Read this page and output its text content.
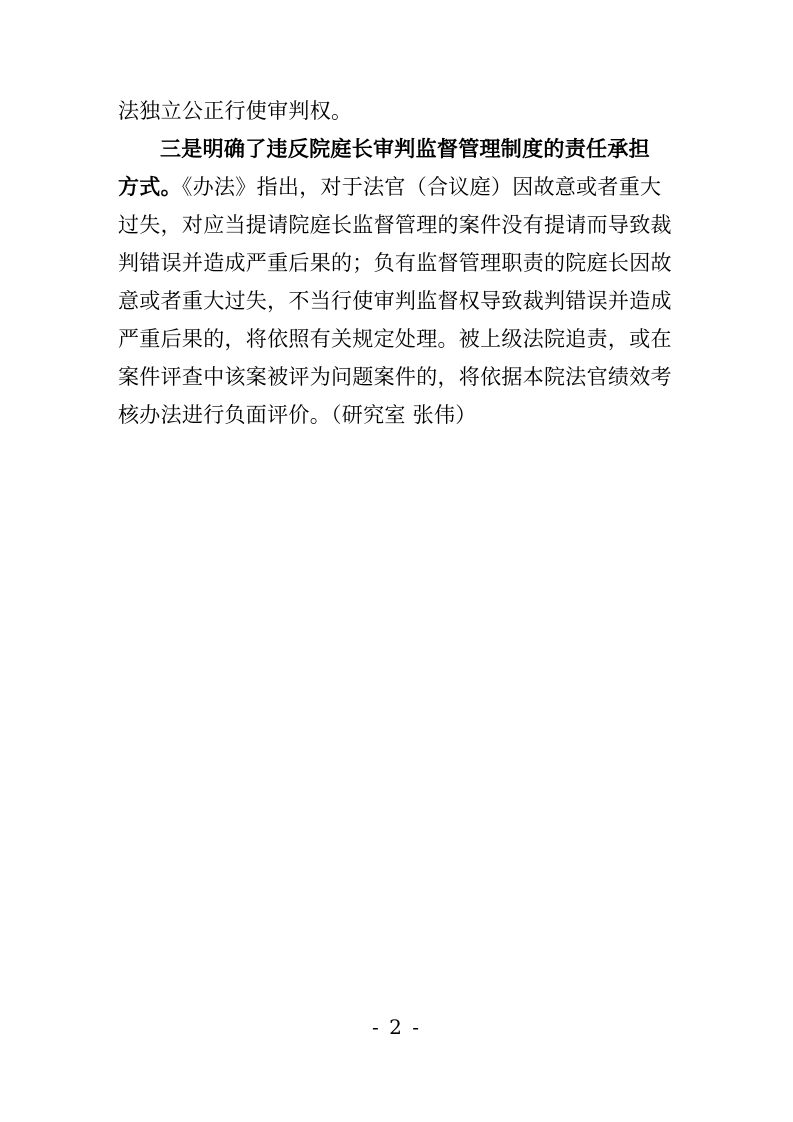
法独立公正行使审判权。
三是明确了违反院庭长审判监督管理制度的责任承担
方式。《办法》指出，对于法官（合议庭）因故意或者重大
过失，对应当提请院庭长监督管理的案件没有提请而导致裁
判错误并造成严重后果的；负有监督管理职责的院庭长因故
意或者重大过失，不当行使审判监督权导致裁判错误并造成
严重后果的，将依照有关规定处理。被上级法院追责，或在
案件评查中该案被评为问题案件的，将依据本院法官绩效考
核办法进行负面评价。（研究室 张伟）
- 2 -
